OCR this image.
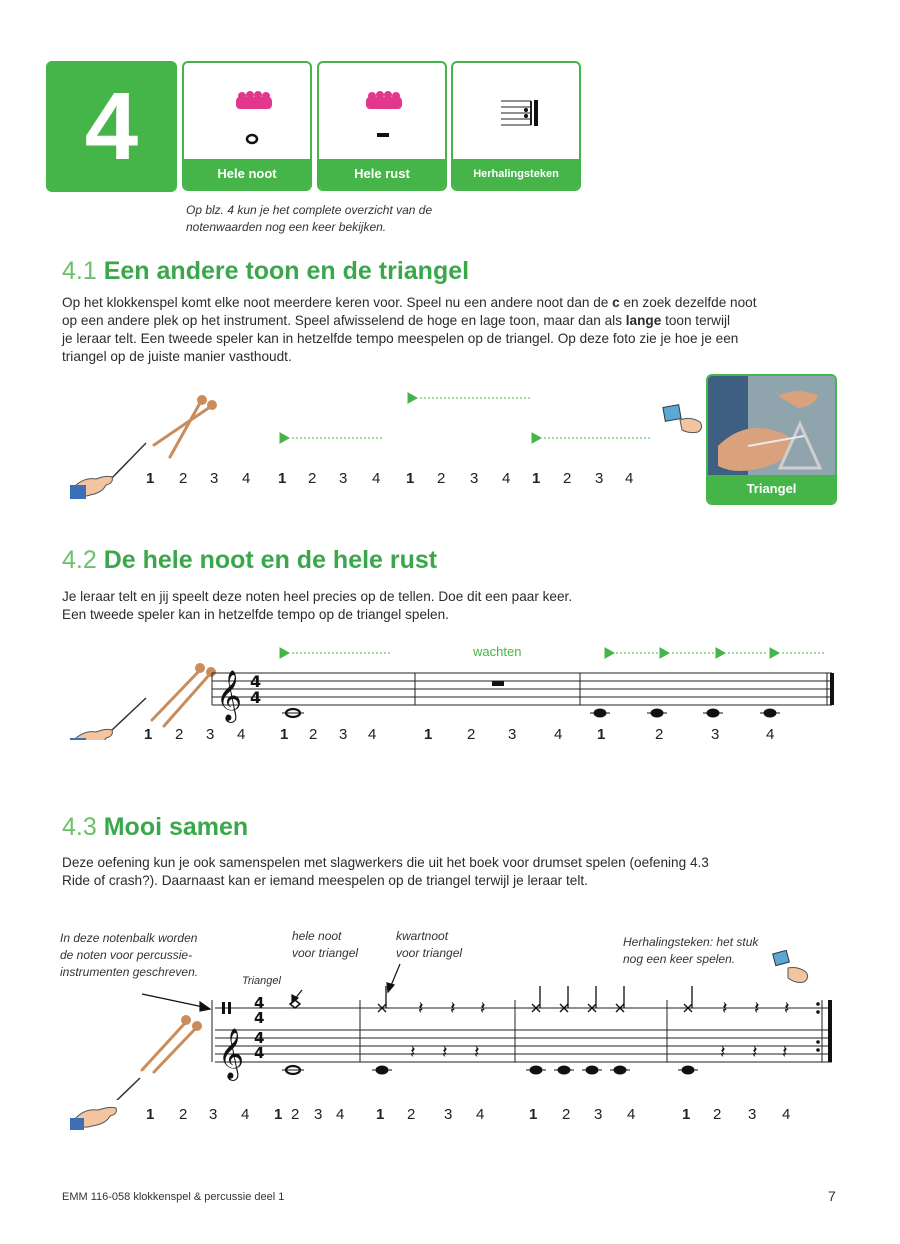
4	Hele noot	Hele rust	Herhalingsteken
Op blz. 4 kun je het complete overzicht van de
notenwaarden nog een keer bekijken.
4.1 Een andere toon en de triangel
Op het klokkenspel komt elke noot meerdere keren voor. Speel nu een andere noot dan de c en zoek dezelfde noot
op een andere plek op het instrument. Speel afwisselend de hoge en lage toon, maar dan als lange toon terwijl
je leraar telt. Een tweede speler kan in hetzelfde tempo meespelen op de triangel. Op deze foto zie je hoe je een
triangel op de juiste manier vasthoudt.
1 2 3 4 1 2 3 4 1 2 3 4 1 2 3 4
Triangel
4.2 De hele noot en de hele rust
Je leraar telt en jij speelt deze noten heel precies op de tellen. Doe dit een paar keer.
Een tweede speler kan in hetzelfde tempo op de triangel spelen.
wachten
𝄞 4
4
1 2 3 4 1 2 3 4	1 2 3	4 1	2	3	4
4.3 Mooi samen
Deze oefening kun je ook samenspelen met slagwerkers die uit het boek voor drumset spelen (oefening 4.3
Ride of crash?). Daarnaast kan er iemand meespelen op de triangel terwijl je leraar telt.
In deze notenbalk worden
de noten voor percussie-
instrumenten geschreven.
hele noot
voor triangel
kwartnoot
voor triangel
Herhalingsteken: het stuk
nog een keer spelen.
Triangel
4
4
𝄞 4
4
𝄽 𝄽 𝄽	𝄽 𝄽 𝄽
𝄽 𝄽 𝄽	𝄽 𝄽 𝄽
1 2 3 4 1 2 3 4 1 2 3 4	1 2 3 4	1 2 3 4
EMM 116-058 klokkenspel & percussie deel 1	7
